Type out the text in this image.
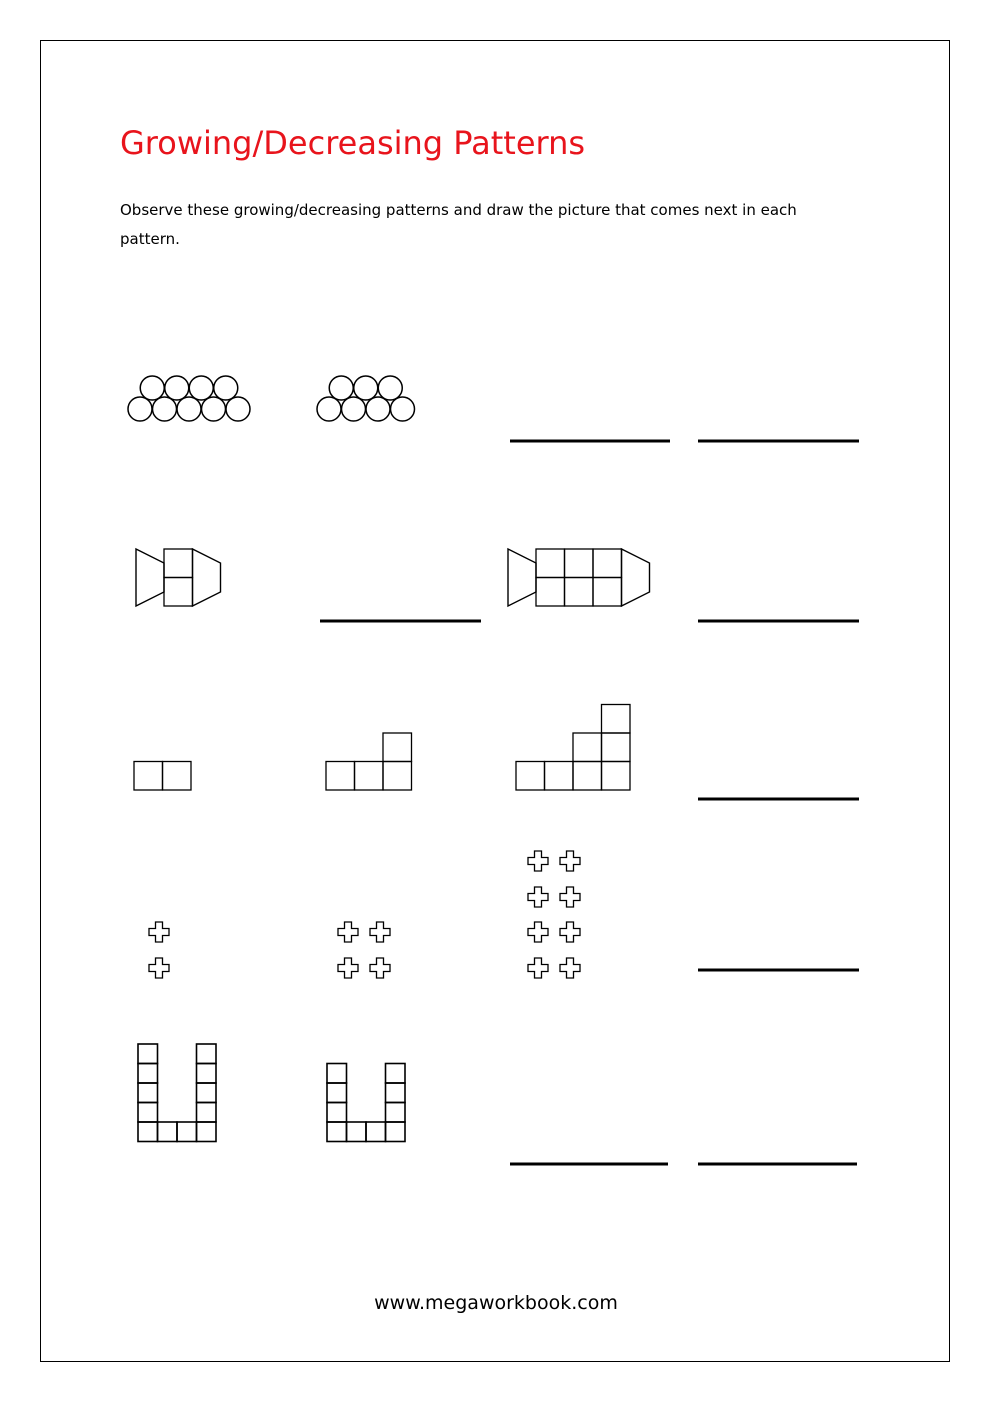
Growing/Decreasing Patterns

Observe these growing/decreasing patterns and draw the picture that comes next in each pattern.

www.megaworkbook.com
